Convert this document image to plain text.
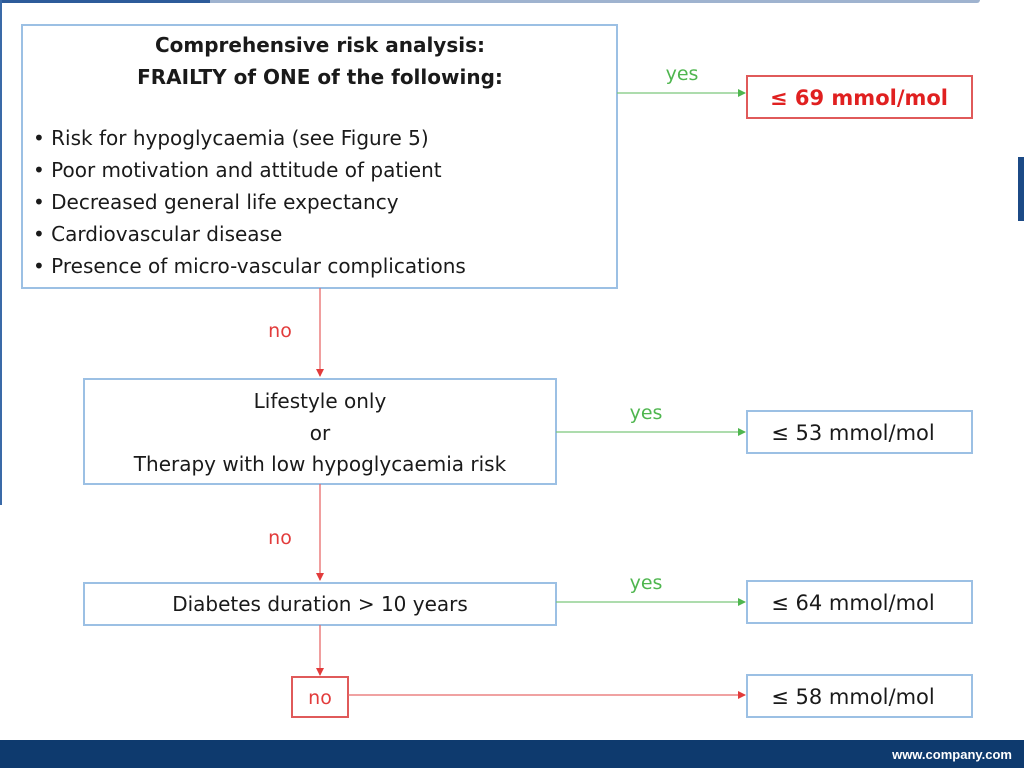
Comprehensive risk analysis:
FRAILTY of ONE of the following:
• Risk for hypoglycaemia (see Figure 5)
• Poor motivation and attitude of patient
• Decreased general life expectancy
• Cardiovascular disease
• Presence of micro-vascular complications
yes
≤ 69 mmol/mol
no
Lifestyle only
or
Therapy with low hypoglycaemia risk
yes
≤ 53 mmol/mol
no
Diabetes duration > 10 years
yes
≤ 64 mmol/mol
no	≤ 58 mmol/mol
www.company.com
